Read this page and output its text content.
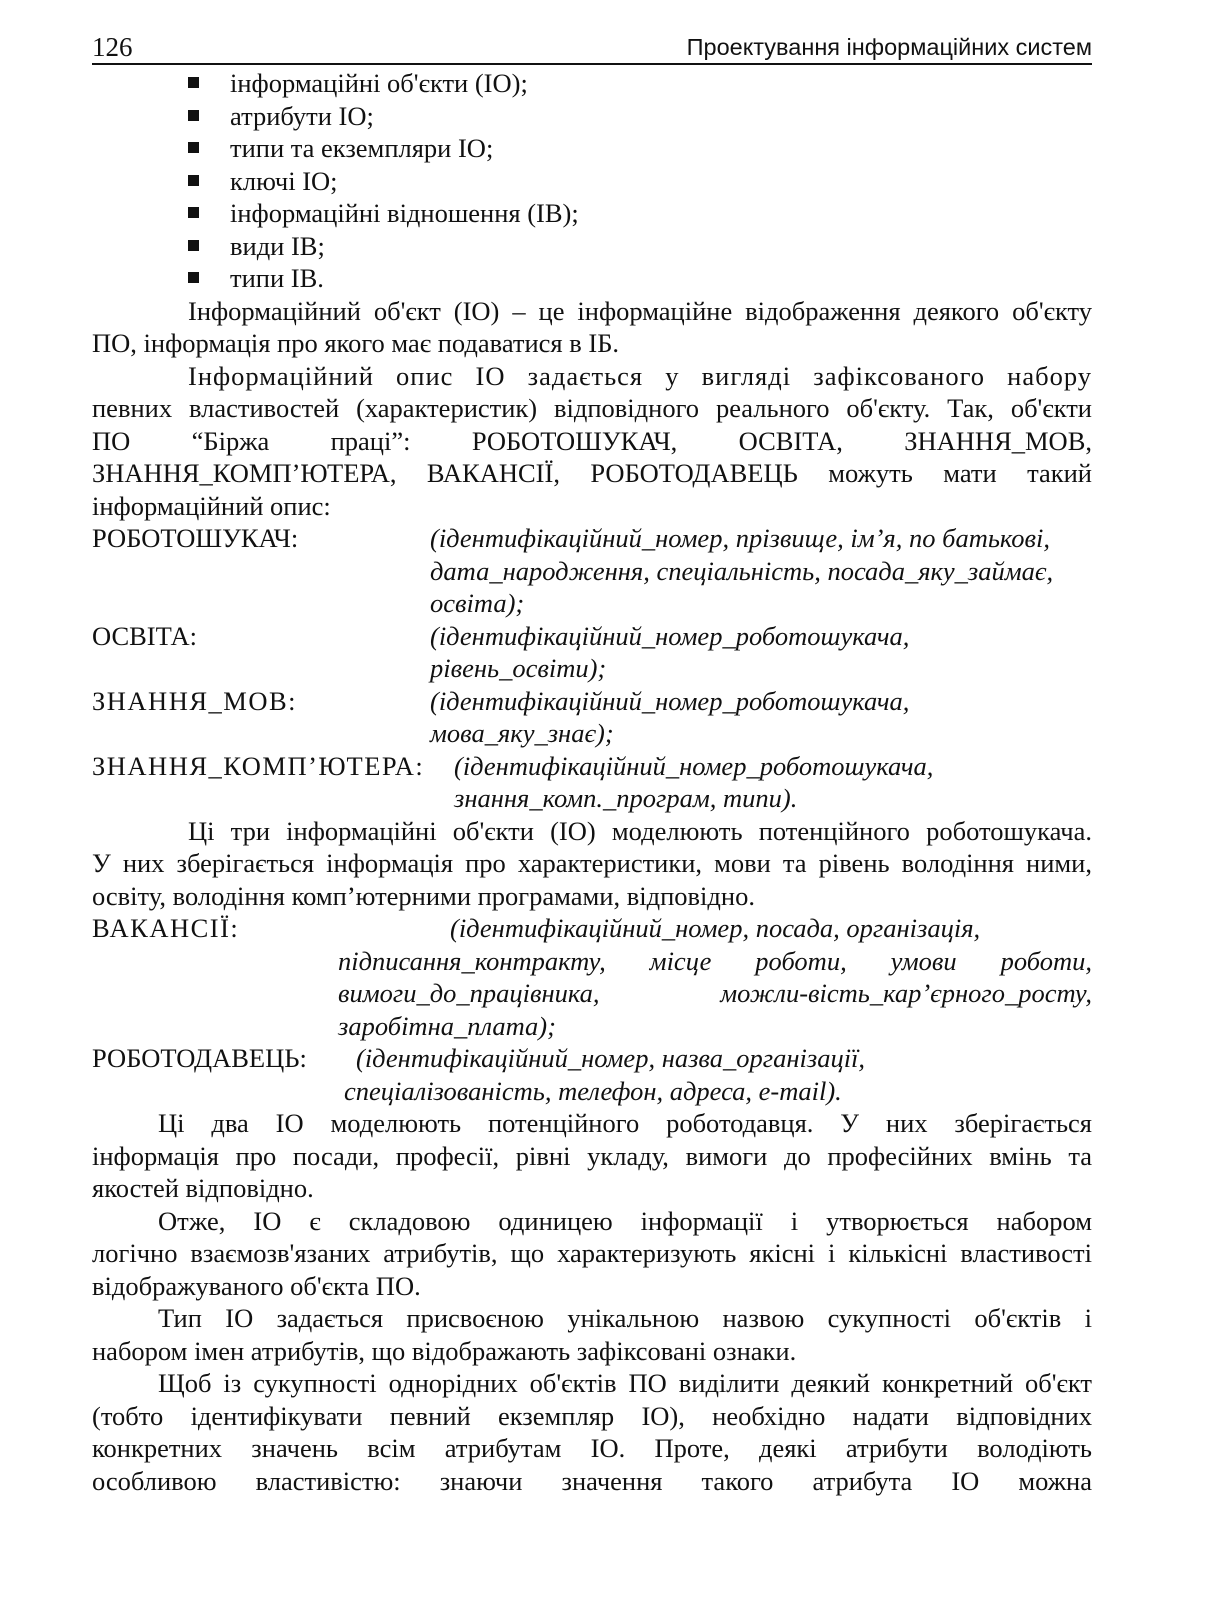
126	Проектування інформаційних систем
інформаційні об'єкти (ІО);
атрибути ІО;
типи та екземпляри ІО;
ключі ІО;
інформаційні відношення (ІВ);
види ІВ;
типи ІВ.
Інформаційний об'єкт (ІО) – це інформаційне відображення деякого об'єкту
ПО, інформація про якого має подаватися в ІБ.
Інформаційний опис ІО задається у вигляді зафіксованого набору
певних властивостей (характеристик) відповідного реального об'єкту. Так, об'єкти
ПО “Біржа праці”: РОБОТОШУКАЧ, ОСВІТА, ЗНАННЯ_МОВ,
ЗНАННЯ_КОМП’ЮТЕРА, ВАКАНСІЇ, РОБОТОДАВЕЦЬ можуть мати такий
інформаційний опис:
РОБОТОШУКАЧ:	(ідентифікаційний_номер, прізвище, ім’я, по батькові,
дата_народження, спеціальність, посада_яку_займає,
освіта);
ОСВІТА:	(ідентифікаційний_номер_роботошукача,
рівень_освіти);
ЗНАННЯ_МОВ:	(ідентифікаційний_номер_роботошукача,
мова_яку_знає);
ЗНАННЯ_КОМП’ЮТЕРА: (ідентифікаційний_номер_роботошукача,
знання_комп._програм, типи).
Ці три інформаційні об'єкти (ІО) моделюють потенційного роботошукача.
У них зберігається інформація про характеристики, мови та рівень володіння ними,
освіту, володіння комп’ютерними програмами, відповідно.
ВАКАНСІЇ:	(ідентифікаційний_номер, посада, організація,
підписання_контракту, місце роботи, умови роботи,
вимоги_до_працівника, можли-вість_кар’єрного_росту,
заробітна_плата);
РОБОТОДАВЕЦЬ: (ідентифікаційний_номер, назва_організації,
спеціалізованість, телефон, адреса, e-mail).
Ці два ІО моделюють потенційного роботодавця. У них зберігається
інформація про посади, професії, рівні укладу, вимоги до професійних вмінь та
якостей відповідно.
Отже, ІО є складовою одиницею інформації і утворюється набором
логічно взаємозв'язаних атрибутів, що характеризують якісні і кількісні властивості
відображуваного об'єкта ПО.
Тип ІО задається присвоєною унікальною назвою сукупності об'єктів і
набором імен атрибутів, що відображають зафіксовані ознаки.
Щоб із сукупності однорідних об'єктів ПО виділити деякий конкретний об'єкт
(тобто ідентифікувати певний екземпляр ІО), необхідно надати відповідних
конкретних значень всім атрибутам ІО. Проте, деякі атрибути володіють
особливою властивістю: знаючи значення такого атрибута ІО можна
